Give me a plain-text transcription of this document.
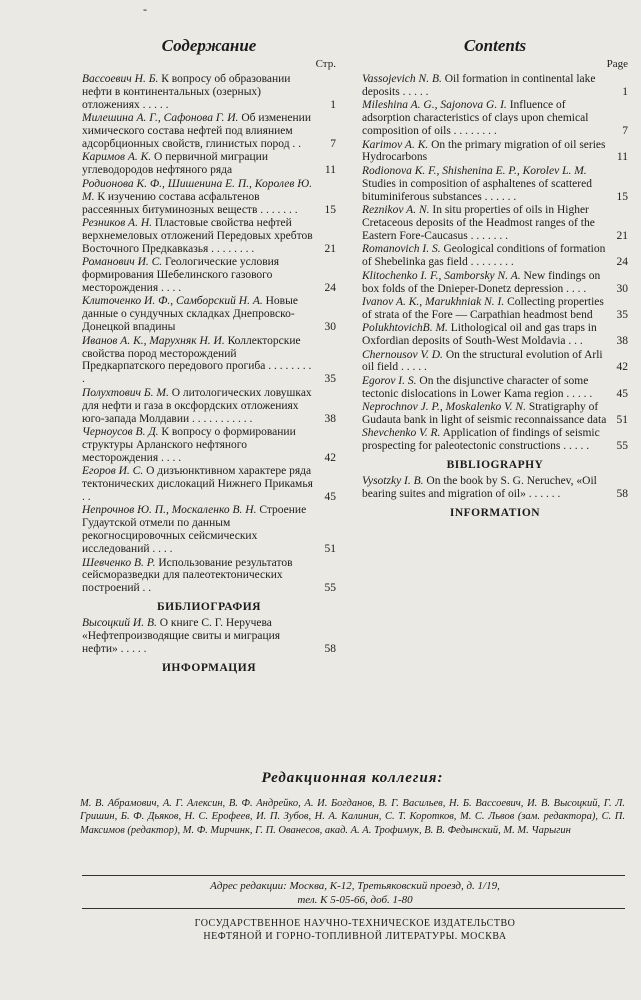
-
Содержание
Стр.
Вассоевич Н. Б. К вопросу об образовании нефти в континентальных (озерных) отложениях . . . . .	1
Милешина А. Г., Сафонова Г. И. Об изменении химического состава нефтей под влиянием адсорбционных свойств, глинистых пород . .	7
Каримов А. К. О первичной миграции углеводородов нефтяного ряда	11
Родионова К. Ф., Шишенина Е. П., Королев Ю. М. К изучению состава асфальтенов рассеянных битуминозных веществ . . . . . . .	15
Резников А. Н. Пластовые свойства нефтей верхнемеловых отложений Передовых хребтов Восточного Предкавказья . . . . . . . .	21
Романович И. С. Геологические условия формирования Шебелинского газового месторождения . . . .	24
Клиточенко И. Ф., Самборский Н. А. Новые данные о сундучных складках Днепровско-Донецкой впадины	30
Иванов А. К., Марухняк Н. И. Коллекторские свойства пород месторождений Предкарпатского передового прогиба . . . . . . . . .	35
Полухтович Б. М. О литологических ловушках для нефти и газа в оксфордских отложениях юго-запада Молдавии . . . . . . . . . . .	38
Черноусов В. Д. К вопросу о формировании структуры Арланского нефтяного месторождения . . . .	42
Егоров И. С. О дизъюнктивном характере ряда тектонических дислокаций Нижнего Прикамья . .	45
Непрочнов Ю. П., Москаленко В. Н. Строение Гудаутской отмели по данным рекогносцировочных сейсмических исследований . . . .	51
Шевченко В. Р. Использование результатов сейсморазведки для палеотектонических построений . .	55
БИБЛИОГРАФИЯ
Высоцкий И. В. О книге С. Г. Неручева «Нефтепроизводящие свиты и миграция нефти» . . . . .	58
ИНФОРМАЦИЯ
Contents
Page
Vassojevich N. B. Oil formation in continental lake deposits . . . . .	1
Mileshina A. G., Sajonova G. I. Influence of adsorption characteristics of clays upon chemical composition of oils . . . . . . . .	7
Karimov A. K. On the primary migration of oil series Hydrocarbons	11
Rodionova K. F., Shishenina E. P., Korolev L. M. Studies in composition of asphaltenes of scattered bituminiferous substances . . . . . .	15
Reznikov A. N. In situ properties of oils in Higher Cretaceous deposits of the Headmost ranges of the Eastern Fore-Caucasus . . . . . . .	21
Romanovich I. S. Geological conditions of formation of Shebelinka gas field . . . . . . . .	24
Klitochenko I. F., Samborsky N. A. New findings on box folds of the Dnieper-Donetz depression . . . .	30
Ivanov A. K., Marukhniak N. I. Collecting properties of strata of the Fore — Carpathian headmost bend	35
PolukhtovichB. M. Lithological oil and gas traps in Oxfordian deposits of South-West Moldavia . . .	38
Chernousov V. D. On the structural evolution of Arli oil field . . . . .	42
Egorov I. S. On the disjunctive character of some tectonic dislocations in Lower Kama region . . . . .	45
Neprochnov J. P., Moskalenko V. N. Stratigraphy of Gudauta bank in light of seismic reconnaissance data 51
Shevchenko V. R. Application of findings of seismic prospecting for paleotectonic constructions . . . . .	55
BIBLIOGRAPHY
Vysotzky I. B. On the book by S. G. Neruchev, «Oil bearing suites and migration of oil» . . . . . .	58
INFORMATION
Редакционная коллегия:

М. В. Абрамович, А. Г. Алексин, В. Ф. Андрейко, А. И. Богданов, В. Г. Васильев, Н. Б. Вассоевич, И. В. Высоцкий, Г. Л. Гришин, Б. Ф. Дьяков, Н. С. Ерофеев, И. П. Зубов, Н. А. Калинин, С. Т. Коротков, М. С. Львов (зам. редактора), С. П. Максимов (редактор), М. Ф. Мирчинк, Г. П. Ованесов, акад. А. А. Трофимук, В. В. Федынский, М. М. Чарыгин

Адрес редакции: Москва, К-12, Третьяковский проезд, д. 1/19,
тел. К 5-05-66, доб. 1-80
ГОСУДАРСТВЕННОЕ НАУЧНО-ТЕХНИЧЕСКОЕ ИЗДАТЕЛЬСТВО
НЕФТЯНОЙ И ГОРНО-ТОПЛИВНОЙ ЛИТЕРАТУРЫ. МОСКВА
